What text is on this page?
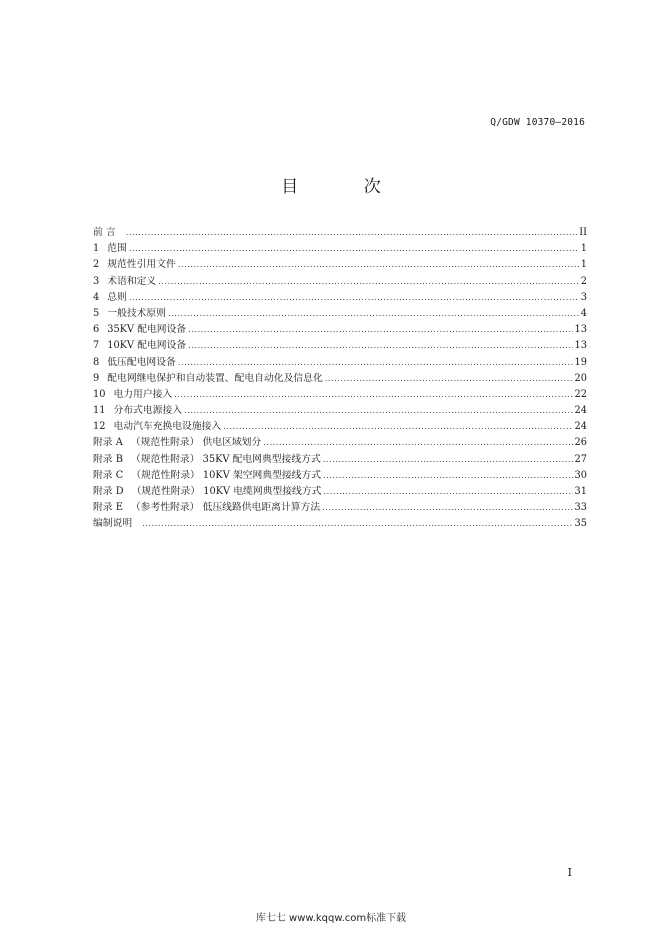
Q/GDW 10370—2016
目 次
前 言 .....	II
1 范围 .....	1
2 规范性引用文件 .....	1
3 术语和定义 .....	2
4 总则 .....	3
5 一般技术原则 .....	4
6 35KV 配电网设备 .....	13
7 10KV 配电网设备 .....	13
8 低压配电网设备 .....	19
9 配电网继电保护和自动装置、配电自动化及信息化 .....	20
10 电力用户接入 .....	22
11 分布式电源接入 .....	24
12 电动汽车充换电设施接入 .....	24
附录 A （规范性附录） 供电区域划分 .....	26
附录 B （规范性附录） 35KV 配电网典型接线方式 .....	27
附录 C （规范性附录） 10KV 架空网典型接线方式 .....	30
附录 D （规范性附录） 10KV 电缆网典型接线方式 .....	31
附录 E （参考性附录） 低压线路供电距离计算方法 .....	33
编制说明 .....	35
I
库七七 www.kqqw.com标准下载
